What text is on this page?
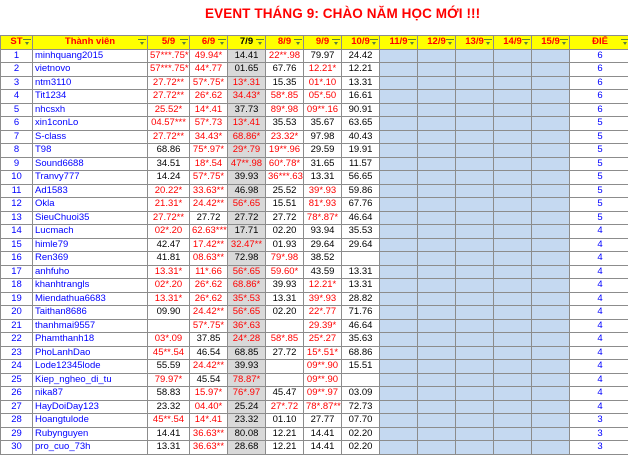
EVENT THÁNG 9: CHÀO NĂM HỌC MỚI !!!
ST	Thành viên	5/9	6/9	7/9	8/9	9/9	10/9	11/9	12/9	13/9	14/9	15/9	ĐIỂ

1	minhquang2015	57***.75*	49.94*	14.41	22**.98	79.97	24.42						6
2	vietnovo	57***.75*	44*.77	01.65	67.76	12.21*	12.21						6
3	ntm3110	27.72**	57*.75*	13*.31	15.35	01*.10	13.31						6
4	Tit1234	27.72**	26*.62	34.43*	58*.85	05*.50	16.61						6
5	nhcsxh	25.52*	14*.41	37.73	89*.98	09**.16	90.91						6
6	xin1conLo	04.57***	57*.73	13*.41	35.53	35.67	63.65						5
7	S-class	27.72**	34.43*	68.86*	23.32*	97.98	40.43						5
8	T98	68.86	75*.97*	29*.79	19**.96	29.59	19.91						5
9	Sound6688	34.51	18*.54	47**.98	60*.78*	31.65	11.57						5
10	Tranvy777	14.24	57*.75*	39.93	36***.63	13.31	56.65						5
11	Ad1583	20.22*	33.63**	46.98	25.52	39*.93	59.86						5
12	Okla	21.31*	24.42**	56*.65	15.51	81*.93	67.76						5
13	SieuChuoi35	27.72**	27.72	27.72	27.72	78*.87*	46.64						5
14	Lucmach	02*.20	62.63***	17.71	02.20	93.94	35.53						4
15	himle79	42.47	17.42**	32.47**	01.93	29.64	29.64						4
16	Ren369	41.81	08.63**	72.98	79*.98	38.52							4
17	anhfuho	13.31*	11*.66	56*.65	59.60*	43.59	13.31						4
18	khanhtrangls	02*.20	26*.62	68.86*	39.93	12.21*	13.31						4
19	Miendathua6683	13.31*	26*.62	35*.53	13.31	39*.93	28.82						4
20	Taithan8686	09.90	24.42**	56*.65	02.20	22*.77	71.76						4
21	thanhmai9557		57*.75*	36*.63		29.39*	46.64						4
22	Phamthanh18	03*.09	37.85	24*.28	58*.85	25*.27	35.63						4
23	PhoLanhDao	45**.54	46.54	68.85	27.72	15*.51*	68.86						4
24	Lode12345lode	55.59	24.42**	39.93		09**.90	15.51						4
25	Kiep_ngheo_di_tu	79.97*	45.54	78.87*		09**.90							4
26	nika87	58.83	15.97*	76*.97	45.47	09**.97	03.09						4
27	HayDoiDay123	23.32	04.40*	25.24	27*.72	78*.87**	72.73						4
28	Hoangtulode	45**.54	14*.41	23.32	01.10	27.77	07.70						3
29	Rubynguyen	14.41	36.63**	80.08	12.21	14.41	02.20						3
30	pro_cuo_73h	13.31	36.63**	28.68	12.21	14.41	02.20						3
